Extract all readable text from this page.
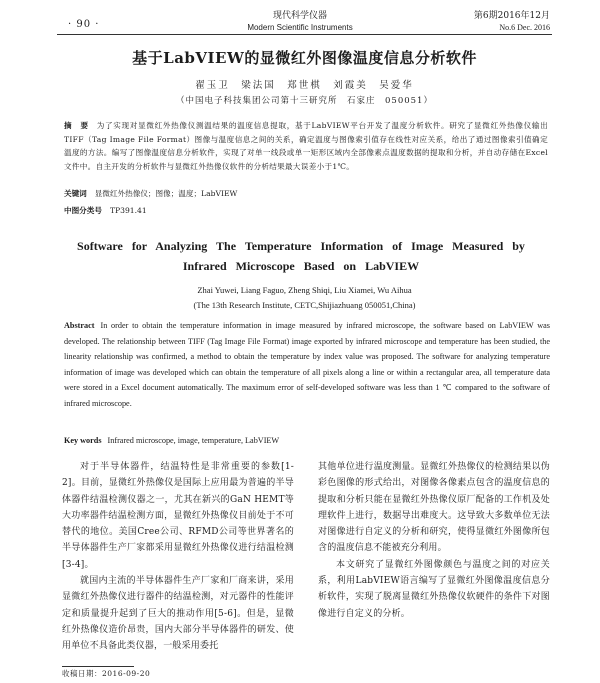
· 90 ·
现代科学仪器
Modern Scientific Instruments
第6期2016年12月
No.6 Dec. 2016
基于LabVIEW的显微红外图像温度信息分析软件
翟玉卫　梁法国　郑世棋　刘霞美　吴爱华
（中国电子科技集团公司第十三研究所　石家庄　050051）
摘　要 为了实现对显微红外热像仪测温结果的温度信息提取，基于LabVIEW平台开发了温度分析软件。研究了显微红外热像仪输出TIFF（Tag Image File Format）图像与温度信息之间的关系，确定温度与图像索引值存在线性对应关系，给出了通过图像索引值确定温度的方法。编写了图像温度信息分析软件，实现了对单一线段或单一矩形区域内全部像素点温度数据的提取和分析，并自动存储在Excel文件中。自主开发的分析软件与显微红外热像仪软件的分析结果最大误差小于1℃。
关键词 显微红外热像仪；图像；温度；LabVIEW
中图分类号 TP391.41
Software for Analyzing The Temperature Information of Image Measured by Infrared Microscope Based on LabVIEW
Zhai Yuwei, Liang Faguo, Zheng Shiqi, Liu Xiamei, Wu Aihua
(The 13th Research Institute, CETC,Shijiazhuang 050051,China)
Abstract In order to obtain the temperature information in image measured by infrared microscope, the software based on LabVIEW was developed. The relationship between TIFF (Tag Image File Format) image exported by infrared microscope and temperature has been studied, the linearity relationship was confirmed, a method to obtain the temperature by index value was proposed. The software for analyzing temperature information of image was developed which can obtain the temperature of all pixels along a line or within a rectangular area, all temperature data were stored in a Excel document automatically. The maximum error of self-developed software was less than 1 ℃ compared to the software of infrared microscope.
Key words Infrared microscope, image, temperature, LabVIEW

对于半导体器件，结温特性是非常重要的参数[1-2]。目前，显微红外热像仪是国际上应用最为普遍的半导体器件结温检测仪器之一，尤其在新兴的GaN HEMT等大功率器件结温检测方面，显微红外热像仪目前处于不可替代的地位。美国Cree公司、RFMD公司等世界著名的半导体器件生产厂家都采用显微红外热像仪进行结温检测[3-4]。

就国内主流的半导体器件生产厂家和厂商来讲，采用显微红外热像仪进行器件的结温检测，对元器件的性能评定和质量提升起到了巨大的推动作用[5-6]。但是，显微红外热像仪造价昂贵，国内大部分半导体器件的研发、使用单位不具备此类仪器，一般采用委托

其他单位进行温度测量。显微红外热像仪的检测结果以伪彩色图像的形式给出，对图像各像素点包含的温度信息的提取和分析只能在显微红外热像仪原厂配备的工作机及处理软件上进行，数据导出难度大。这导致大多数单位无法对图像进行自定义的分析和研究，使得显微红外图像所包含的温度信息不能被充分利用。

本文研究了显微红外图像颜色与温度之间的对应关系，利用LabVIEW语言编写了显微红外图像温度信息分析软件，实现了脱离显微红外热像仪软硬件的条件下对图像进行自定义的分析。

收稿日期：2016-09-20
